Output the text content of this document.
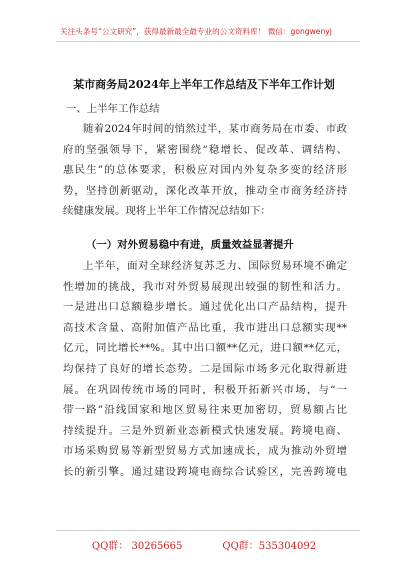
关注头条号“公文研究”，获得最新最全最专业的公文资料库！ 微信：gongwenyj
某市商务局2024年上半年工作总结及下半年工作计划
一、上半年工作总结
随着2024年时间的悄然过半，某市商务局在市委、市政
府的坚强领导下，紧密围绕“稳增长、促改革、调结构、
惠民生”的总体要求，积极应对国内外复杂多变的经济形
势，坚持创新驱动，深化改革开放，推动全市商务经济持
续健康发展。现将上半年工作情况总结如下：
（一）对外贸易稳中有进，质量效益显著提升
上半年，面对全球经济复苏乏力、国际贸易环境不确定
性增加的挑战，我市对外贸易展现出较强的韧性和活力。
一是进出口总额稳步增长。通过优化出口产品结构，提升
高技术含量、高附加值产品比重，我市进出口总额实现**
亿元，同比增长**%。其中出口额**亿元，进口额**亿元，
均保持了良好的增长态势。二是国际市场多元化取得新进
展。在巩固传统市场的同时，积极开拓新兴市场，与“一
带一路”沿线国家和地区贸易往来更加密切，贸易额占比
持续提升。三是外贸新业态新模式快速发展。跨境电商、
市场采购贸易等新型贸易方式加速成长，成为推动外贸增
长的新引擎。通过建设跨境电商综合试验区，完善跨境电
QQ群： 30265665	QQ群：535304092
